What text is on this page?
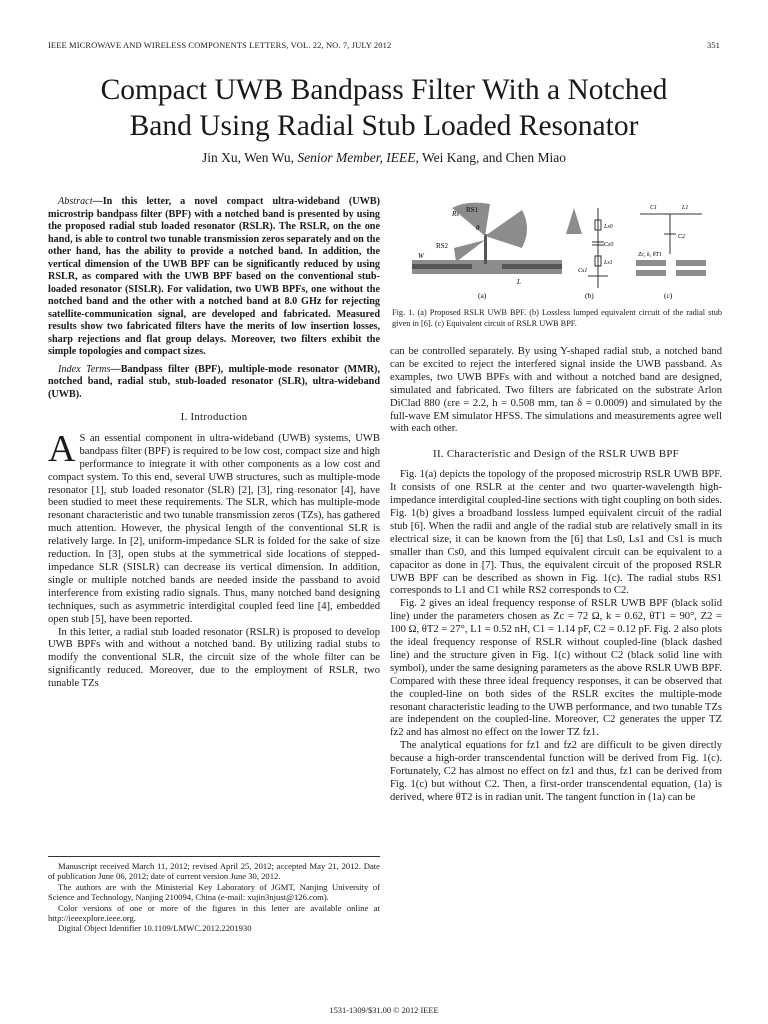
IEEE MICROWAVE AND WIRELESS COMPONENTS LETTERS, VOL. 22, NO. 7, JULY 2012	351
Compact UWB Bandpass Filter With a Notched
Band Using Radial Stub Loaded Resonator
Jin Xu, Wen Wu, Senior Member, IEEE, Wei Kang, and Chen Miao
Abstract—In this letter, a novel compact ultra-wideband (UWB) microstrip bandpass filter (BPF) with a notched band is presented by using the proposed radial stub loaded resonator (RSLR). The RSLR, on the one hand, is able to control two tunable transmission zeros separately and on the other hand, has the ability to provide a notched band. In addition, the vertical dimension of the UWB BPF can be significantly reduced by using RSLR, as compared with the UWB BPF based on the conventional stub-loaded resonator (SISLR). For validation, two UWB BPFs, one without the notched band and the other with a notched band at 8.0 GHz for rejecting satellite-communication signal, are developed and fabricated. Measured results show two fabricated filters have the merits of low insertion losses, sharp rejections and flat group delays. Moreover, two filters exhibit the simple topologies and compact sizes.
Index Terms—Bandpass filter (BPF), multiple-mode resonator (MMR), notched band, radial stub, stub-loaded resonator (SLR), ultra-wideband (UWB).
I. Introduction

A S an essential component in ultra-wideband (UWB) systems, UWB bandpass filter (BPF) is required to be low cost, compact size and high performance to integrate it with other components as a low cost and compact system. To this end, several UWB structures, such as multiple-mode resonator [1], stub loaded resonator (SLR) [2], [3], ring resonator [4], have been studied to meet these requirements. The SLR, which has multiple-mode resonant characteristic and two tunable transmission zeros (TZs), has gathered much attention. However, the physical length of the conventional SLR is relatively large. In [2], uniform-impedance SLR is folded for the sake of size reduction. In [3], open stubs at the symmetrical side locations of stepped-impedance SLR (SISLR) can decrease its vertical dimension. In addition, single or multiple notched bands are needed inside the passband to avoid interference from existing radio signals. Thus, many notched band designing techniques, such as asymmetric interdigital coupled feed line [4], embedded open stub [5], have been reported.

In this letter, a radial stub loaded resonator (RSLR) is proposed to develop UWB BPFs with and without a notched band. By utilizing radial stubs to modify the conventional SLR, the circuit size of the whole filter can be significantly reduced. Moreover, due to the employment of RSLR, two tunable TZs

RS1
RS2
Rs
θ
W
L
(a)
Ls0
Cs0
Ls1
Cs1
(b)
C1	L1
C2
Zc, k, θT1
(c)
Fig. 1. (a) Proposed RSLR UWB BPF. (b) Lossless lumped equivalent circuit of the radial stub given in [6]. (c) Equivalent circuit of RSLR UWB BPF.

can be controlled separately. By using Y-shaped radial stub, a notched band can be excited to reject the interfered signal inside the UWB passband. As examples, two UWB BPFs with and without a notched band are designed, simulated and fabricated. Two filters are fabricated on the substrate Arlon DiClad 880 (εre = 2.2, h = 0.508 mm, tan δ = 0.0009) and simulated by the full-wave EM simulator HFSS. The simulations and measurements agree well with each other.

II. Characteristic and Design of the RSLR UWB BPF

Fig. 1(a) depicts the topology of the proposed microstrip RSLR UWB BPF. It consists of one RSLR at the center and two quarter-wavelength high-impedance interdigital coupled-line sections with tight coupling on both sides. Fig. 1(b) gives a broadband lossless lumped equivalent circuit of the radial stub [6]. When the radii and angle of the radial stub are relatively small in its electrical size, it can be known from the [6] that Ls0, Ls1 and Cs1 is much smaller than Cs0, and this lumped equivalent circuit can be equivalent to a capacitor as done in [7]. Thus, the equivalent circuit of the proposed RSLR UWB BPF can be described as shown in Fig. 1(c). The radial stubs RS1 corresponds to L1 and C1 while RS2 corresponds to C2.

Fig. 2 gives an ideal frequency response of RSLR UWB BPF (black solid line) under the parameters chosen as Zc = 72 Ω, k = 0.62, θT1 = 90°, Z2 = 100 Ω, θT2 = 27°, L1 = 0.52 nH, C1 = 1.14 pF, C2 = 0.12 pF. Fig. 2 also plots the ideal frequency response of RSLR without coupled-line (black dashed line) and the structure given in Fig. 1(c) without C2 (black solid line with symbol), under the same designing parameters as the above RSLR UWB BPF. Compared with these three ideal frequency responses, it can be observed that the coupled-line on both sides of the RSLR excites the multiple-mode resonant characteristic leading to the UWB performance, and two tunable TZs are independent on the coupled-line. Moreover, C2 generates the upper TZ fz2 and has almost no effect on the lower TZ fz1.

The analytical equations for fz1 and fz2 are difficult to be given directly because a high-order transcendental function will be derived from Fig. 1(c). Fortunately, C2 has almost no effect on fz1 and thus, fz1 can be derived from Fig. 1(c) but without C2. Then, a first-order transcendental equation, (1a) is derived, where θT2 is in radian unit. The tangent function in (1a) can be

Manuscript received March 11, 2012; revised April 25, 2012; accepted May 21, 2012. Date of publication June 06, 2012; date of current version June 30, 2012.
The authors are with the Ministerial Key Laboratory of JGMT, Nanjing University of Science and Technology, Nanjing 210094, China (e-mail: xujin3njust@126.com).
Color versions of one or more of the figures in this letter are available online at http://ieeexplore.ieee.org.
Digital Object Identifier 10.1109/LMWC.2012.2201930
1531-1309/$31.00 © 2012 IEEE
